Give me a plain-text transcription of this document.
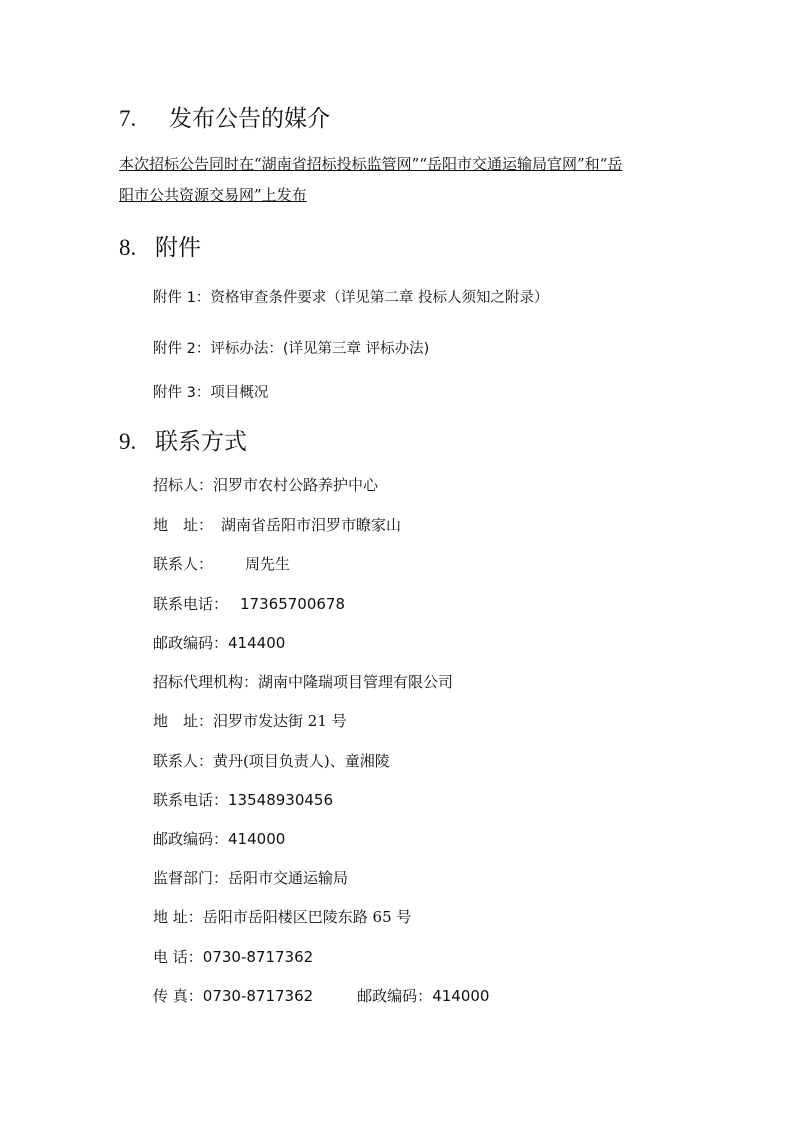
7. 发布公告的媒介
本次招标公告同时在“湖南省招标投标监管网”“岳阳市交通运输局官网”和“岳
阳市公共资源交易网”上发布
8. 附件
附件 1：资格审查条件要求（详见第二章 投标人须知之附录）
附件 2：评标办法：(详见第三章 评标办法)
附件 3：项目概况
9. 联系方式
招标人：汨罗市农村公路养护中心
地　址： 湖南省岳阳市汨罗市瞭家山
联系人： 周先生
联系电话： 17365700678
邮政编码：414400
招标代理机构：湖南中隆瑞项目管理有限公司
地　址：汨罗市发达街 21 号
联系人：黄丹(项目负责人)、童湘陵
联系电话：13548930456
邮政编码：414000
监督部门：岳阳市交通运输局
地 址：岳阳市岳阳楼区巴陵东路 65 号
电 话：0730-8717362
传 真：0730-8717362	邮政编码：414000
